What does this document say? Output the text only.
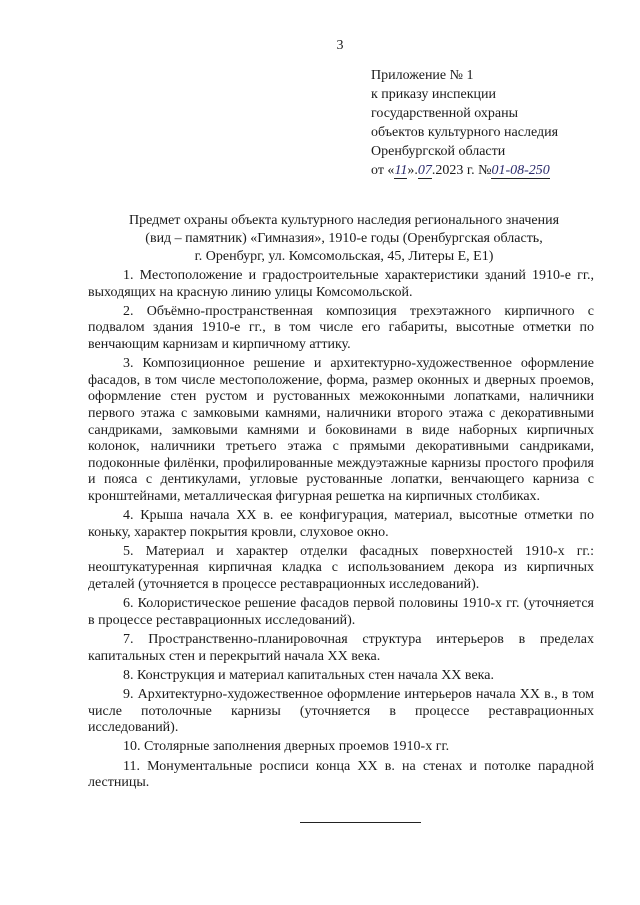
3
Приложение № 1
к приказу инспекции
государственной охраны
объектов культурного наследия
Оренбургской области
от «11».07.2023 г. №01-08-250
Предмет охраны объекта культурного наследия регионального значения
(вид – памятник) «Гимназия», 1910-е годы (Оренбургская область,
г. Оренбург, ул. Комсомольская, 45, Литеры Е, Е1)

1. Местоположение и градостроительные характеристики зданий 1910-е гг., выходящих на красную линию улицы Комсомольской.

2. Объёмно-пространственная композиция трехэтажного кирпичного с подвалом здания 1910-е гг., в том числе его габариты, высотные отметки по венчающим карнизам и кирпичному аттику.

3. Композиционное решение и архитектурно-художественное оформление фасадов, в том числе местоположение, форма, размер оконных и дверных проемов, оформление стен рустом и рустованных межоконными лопатками, наличники первого этажа с замковыми камнями, наличники второго этажа с декоративными сандриками, замковыми камнями и боковинами в виде наборных кирпичных колонок, наличники третьего этажа с прямыми декоративными сандриками, подоконные филёнки, профилированные междуэтажные карнизы простого профиля и пояса с дентикулами, угловые рустованные лопатки, венчающего карниза с кронштейнами, металлическая фигурная решетка на кирпичных столбиках.

4. Крыша начала XX в. ее конфигурация, материал, высотные отметки по коньку, характер покрытия кровли, слуховое окно.

5. Материал и характер отделки фасадных поверхностей 1910-х гг.: неоштукатуренная кирпичная кладка с использованием декора из кирпичных деталей (уточняется в процессе реставрационных исследований).

6. Колористическое решение фасадов первой половины 1910-х гг. (уточняется в процессе реставрационных исследований).

7. Пространственно-планировочная структура интерьеров в пределах капитальных стен и перекрытий начала XX века.

8. Конструкция и материал капитальных стен начала XX века.

9. Архитектурно-художественное оформление интерьеров начала XX в., в том числе потолочные карнизы (уточняется в процессе реставрационных исследований).

10. Столярные заполнения дверных проемов 1910-х гг.

11. Монументальные росписи конца XX в. на стенах и потолке парадной лестницы.
